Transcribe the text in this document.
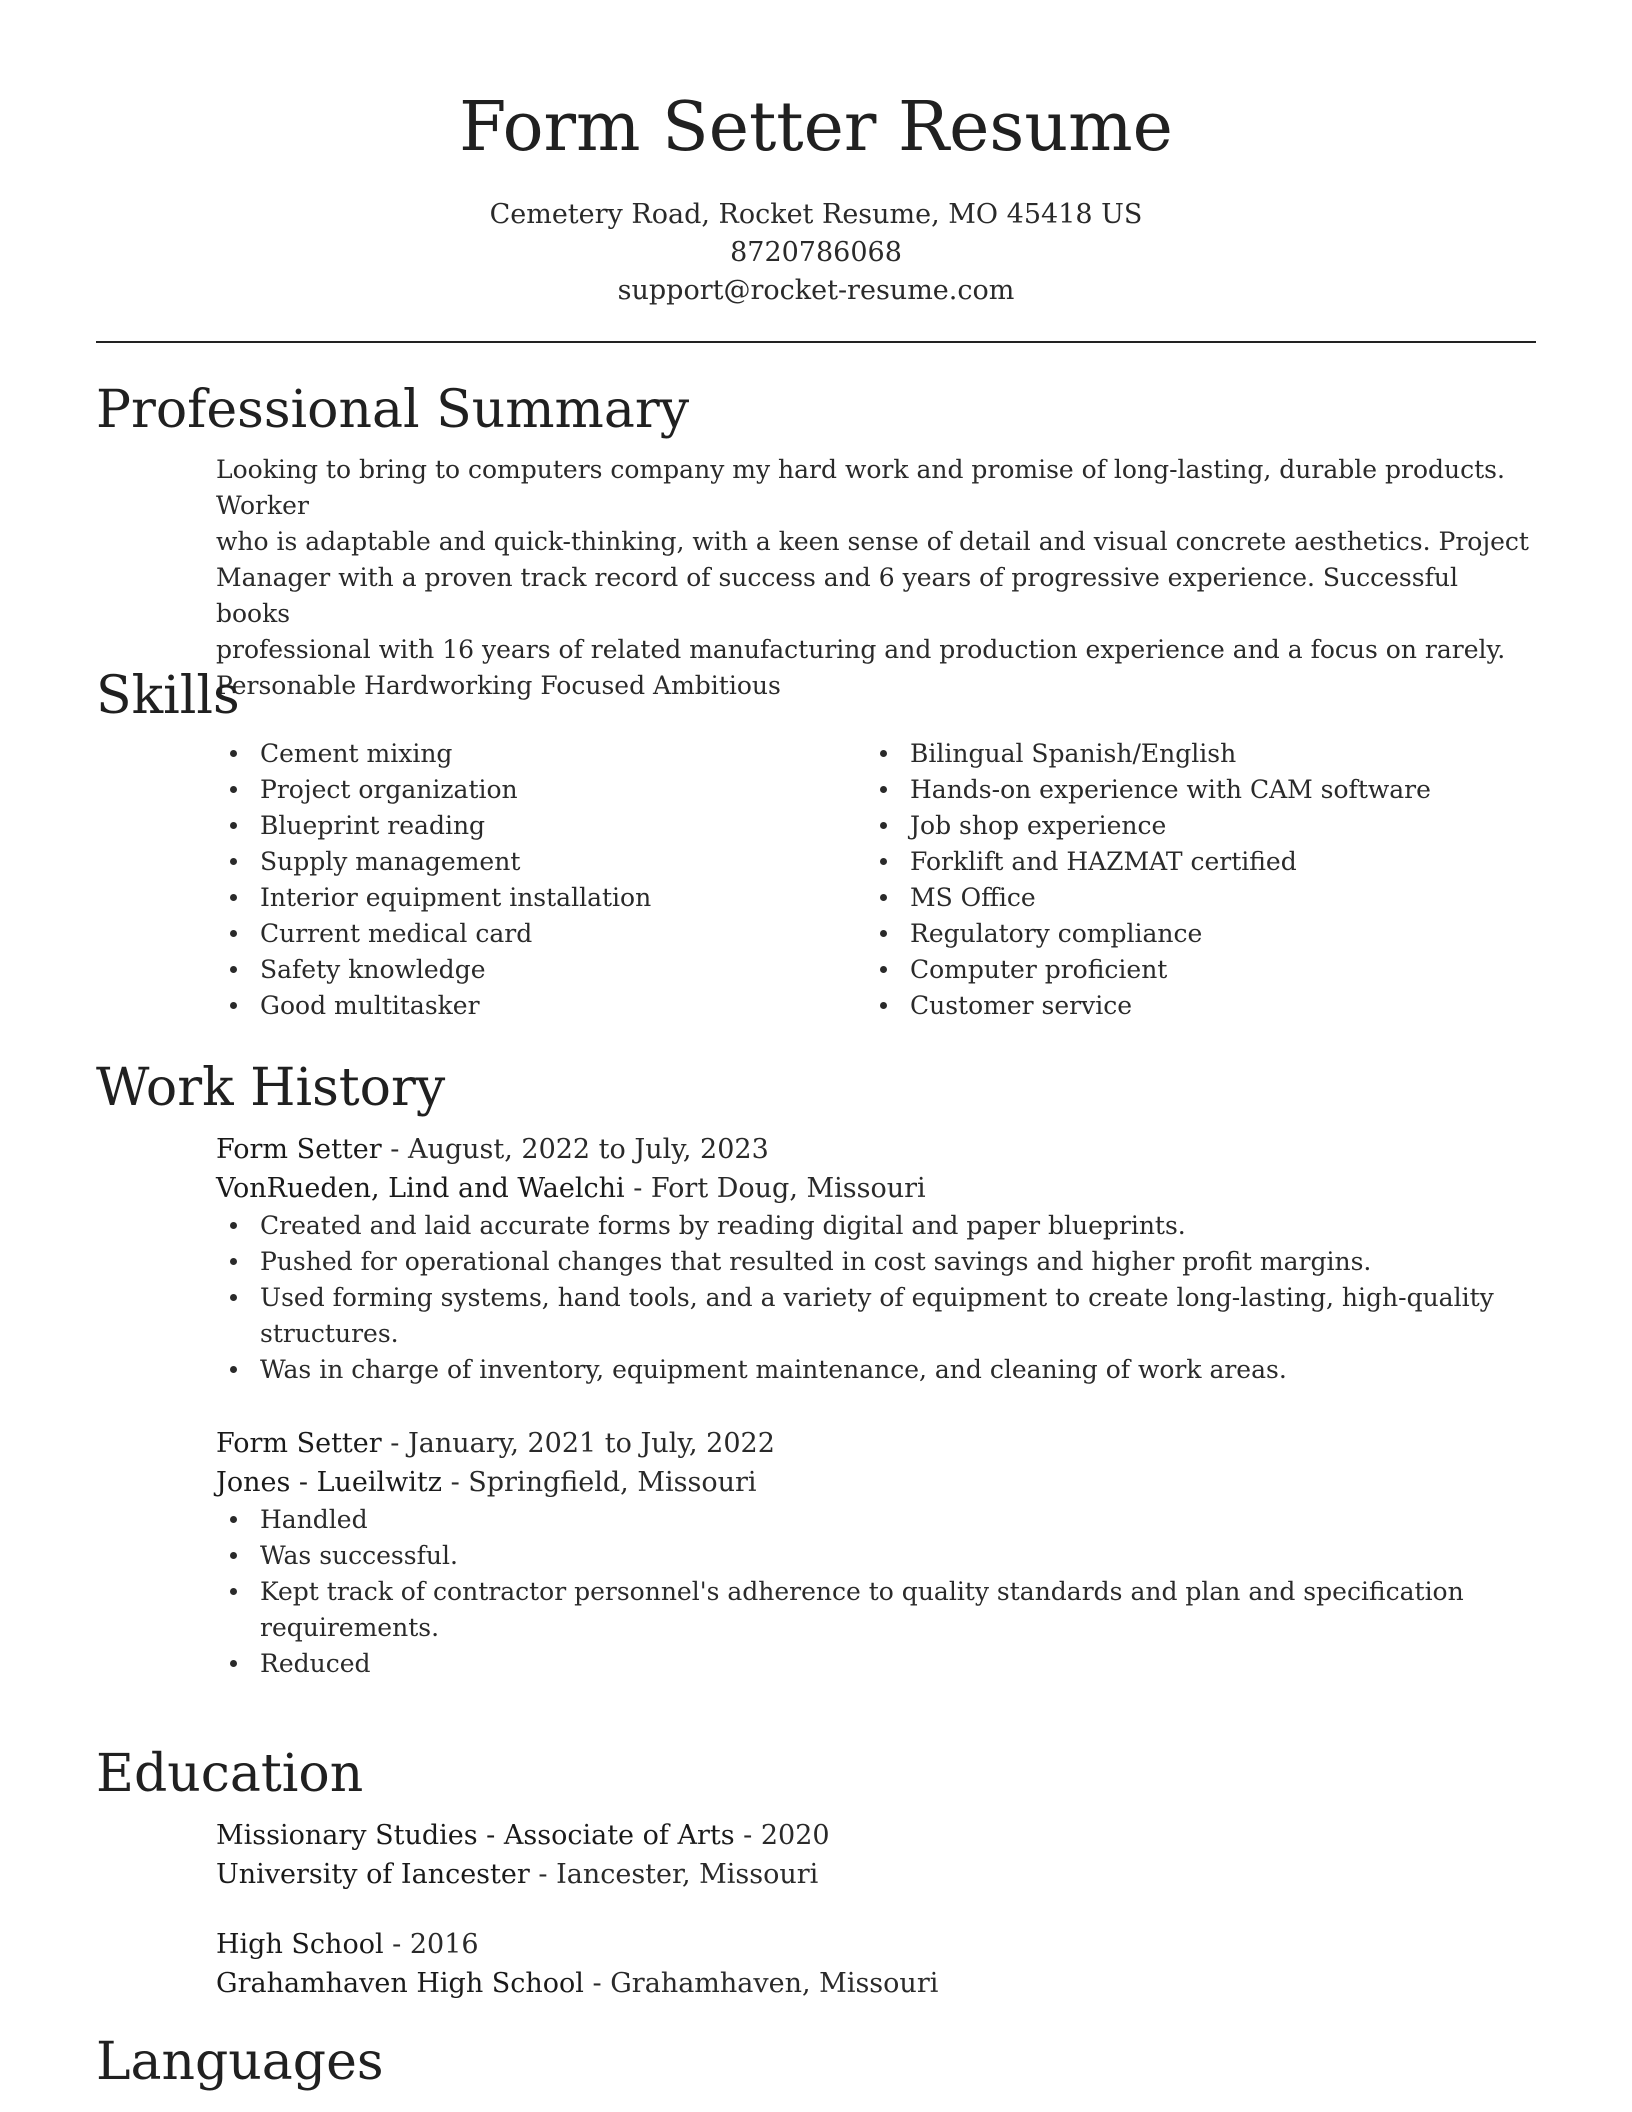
Form Setter Resume
Cemetery Road, Rocket Resume, MO 45418 US
8720786068
support@rocket-resume.com
Professional Summary
Looking to bring to computers company my hard work and promise of long-lasting, durable products. Worker
who is adaptable and quick-thinking, with a keen sense of detail and visual concrete aesthetics. Project
Manager with a proven track record of success and 6 years of progressive experience. Successful books
professional with 16 years of related manufacturing and production experience and a focus on rarely.
Personable Hardworking Focused Ambitious
Skills
Cement mixing
Project organization
Blueprint reading
Supply management
Interior equipment installation
Current medical card
Safety knowledge
Good multitasker
Bilingual Spanish/English
Hands-on experience with CAM software
Job shop experience
Forklift and HAZMAT certified
MS Office
Regulatory compliance
Computer proficient
Customer service
Work History
Form Setter - August, 2022 to July, 2023
VonRueden, Lind and Waelchi - Fort Doug, Missouri
Created and laid accurate forms by reading digital and paper blueprints.
Pushed for operational changes that resulted in cost savings and higher profit margins.
Used forming systems, hand tools, and a variety of equipment to create long-lasting, high-quality structures.
Was in charge of inventory, equipment maintenance, and cleaning of work areas.
Form Setter - January, 2021 to July, 2022
Jones - Lueilwitz - Springfield, Missouri
Handled
Was successful.
Kept track of contractor personnel's adherence to quality standards and plan and specification requirements.
Reduced
Education
Missionary Studies - Associate of Arts - 2020
University of Iancester - Iancester, Missouri
High School - 2016
Grahamhaven High School - Grahamhaven, Missouri
Languages
